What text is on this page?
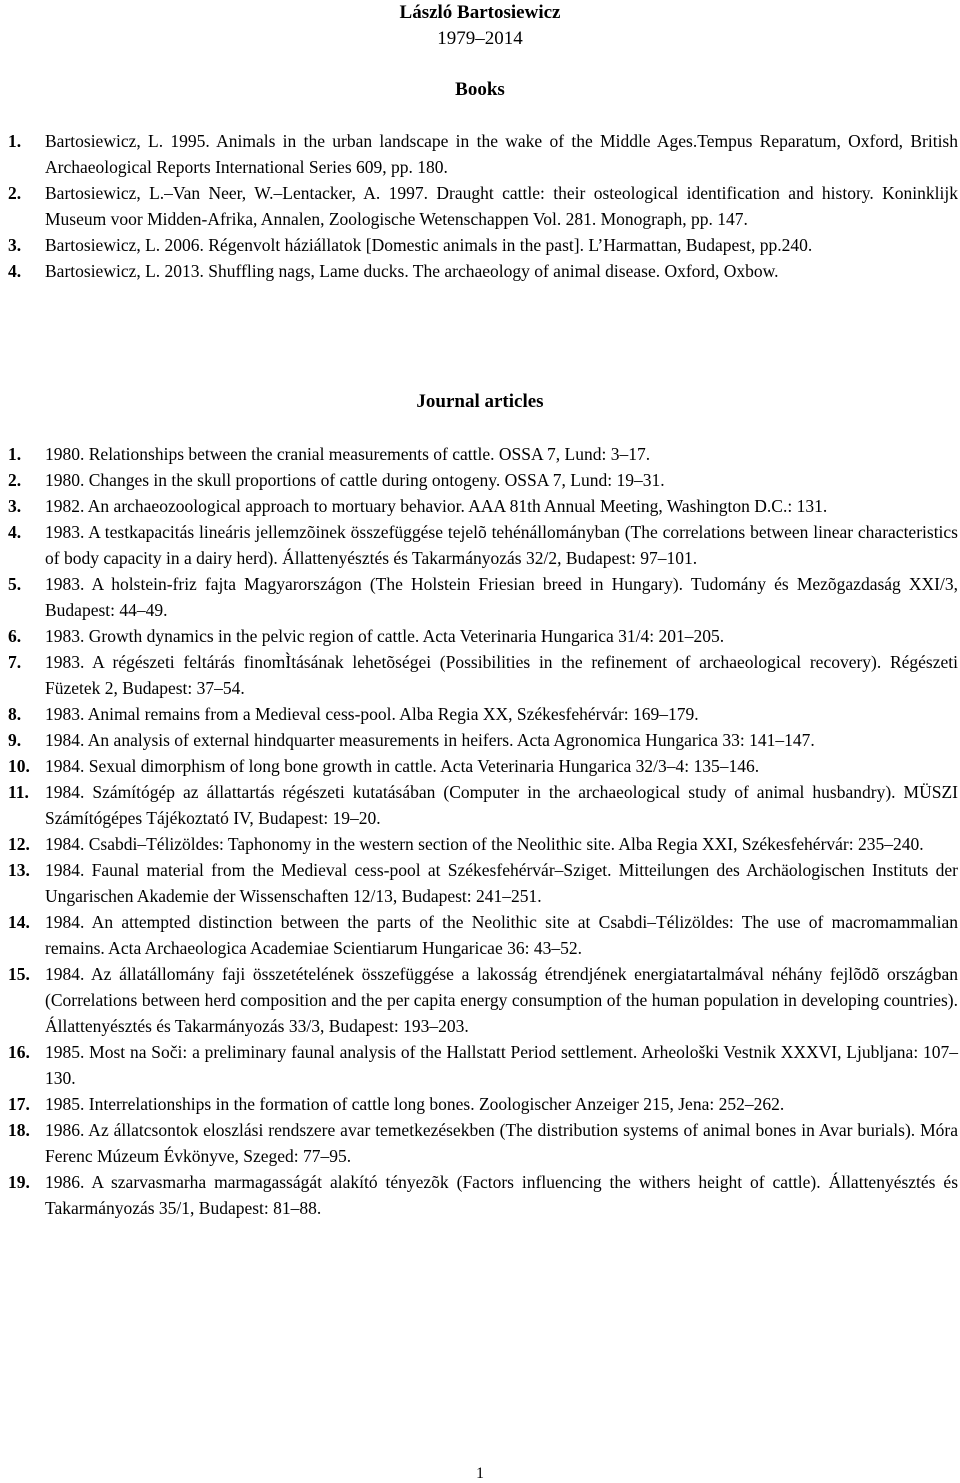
László Bartosiewicz
1979–2014
Books
1.	Bartosiewicz, L. 1995. Animals in the urban landscape in the wake of the Middle Ages.Tempus Reparatum, Oxford, British Archaeological Reports International Series 609, pp. 180.
2.	Bartosiewicz, L.–Van Neer, W.–Lentacker, A. 1997. Draught cattle: their osteological identification and history. Koninklijk Museum voor Midden-Afrika, Annalen, Zoologische Wetenschappen Vol. 281. Monograph, pp. 147.
3.	Bartosiewicz, L. 2006. Régenvolt háziállatok [Domestic animals in the past]. L’Harmattan, Budapest, pp.240.
4.	Bartosiewicz, L. 2013. Shuffling nags, Lame ducks. The archaeology of animal disease. Oxford, Oxbow.
Journal articles
1.	1980. Relationships between the cranial measurements of cattle. OSSA 7, Lund: 3–17.
2.	1980. Changes in the skull proportions of cattle during ontogeny. OSSA 7, Lund: 19–31.
3.	1982. An archaeozoological approach to mortuary behavior. AAA 81th Annual Meeting, Washington D.C.: 131.
4.	1983. A testkapacitás lineáris jellemzõinek összefüggése tejelõ tehénállományban (The correlations between linear characteristics of body capacity in a dairy herd). Állattenyésztés és Takarmányozás 32/2, Budapest: 97–101.
5.	1983. A holstein-friz fajta Magyarországon (The Holstein Friesian breed in Hungary). Tudomány és Mezõgazdaság XXI/3, Budapest: 44–49.
6.	1983. Growth dynamics in the pelvic region of cattle. Acta Veterinaria Hungarica 31/4: 201–205.
7.	1983. A régészeti feltárás finomÌtásának lehetõségei (Possibilities in the refinement of archaeological recovery). Régészeti Füzetek 2, Budapest: 37–54.
8.	1983. Animal remains from a Medieval cess-pool. Alba Regia XX, Székesfehérvár: 169–179.
9.	1984. An analysis of external hindquarter measurements in heifers. Acta Agronomica Hungarica 33: 141–147.
10. 1984. Sexual dimorphism of long bone growth in cattle. Acta Veterinaria Hungarica 32/3–4: 135–146.
11. 1984. Számítógép az állattartás régészeti kutatásában (Computer in the archaeological study of animal husbandry). MÜSZI Számítógépes Tájékoztató IV, Budapest: 19–20.
12. 1984. Csabdi–Télizöldes: Taphonomy in the western section of the Neolithic site. Alba Regia XXI, Székesfehérvár: 235–240.
13. 1984. Faunal material from the Medieval cess-pool at Székesfehérvár–Sziget. Mitteilungen des Archäologischen Instituts der Ungarischen Akademie der Wissenschaften 12/13, Budapest: 241–251.
14. 1984. An attempted distinction between the parts of the Neolithic site at Csabdi–Télizöldes: The use of macromammalian remains. Acta Archaeologica Academiae Scientiarum Hungaricae 36: 43–52.
15. 1984. Az állatállomány faji összetételének összefüggése a lakosság étrendjének energiatartalmával néhány fejlõdõ országban (Correlations between herd composition and the per capita energy consumption of the human population in developing countries). Állattenyésztés és Takarmányozás 33/3, Budapest: 193–203.
16. 1985. Most na Soči: a preliminary faunal analysis of the Hallstatt Period settlement. Arheološki Vestnik XXXVI, Ljubljana: 107–130.
17. 1985. Interrelationships in the formation of cattle long bones. Zoologischer Anzeiger 215, Jena: 252–262.
18. 1986. Az állatcsontok eloszlási rendszere avar temetkezésekben (The distribution systems of animal bones in Avar burials). Móra Ferenc Múzeum Évkönyve, Szeged: 77–95.
19. 1986. A szarvasmarha marmagasságát alakító tényezõk (Factors influencing the withers height of cattle). Állattenyésztés és Takarmányozás 35/1, Budapest: 81–88.
1
